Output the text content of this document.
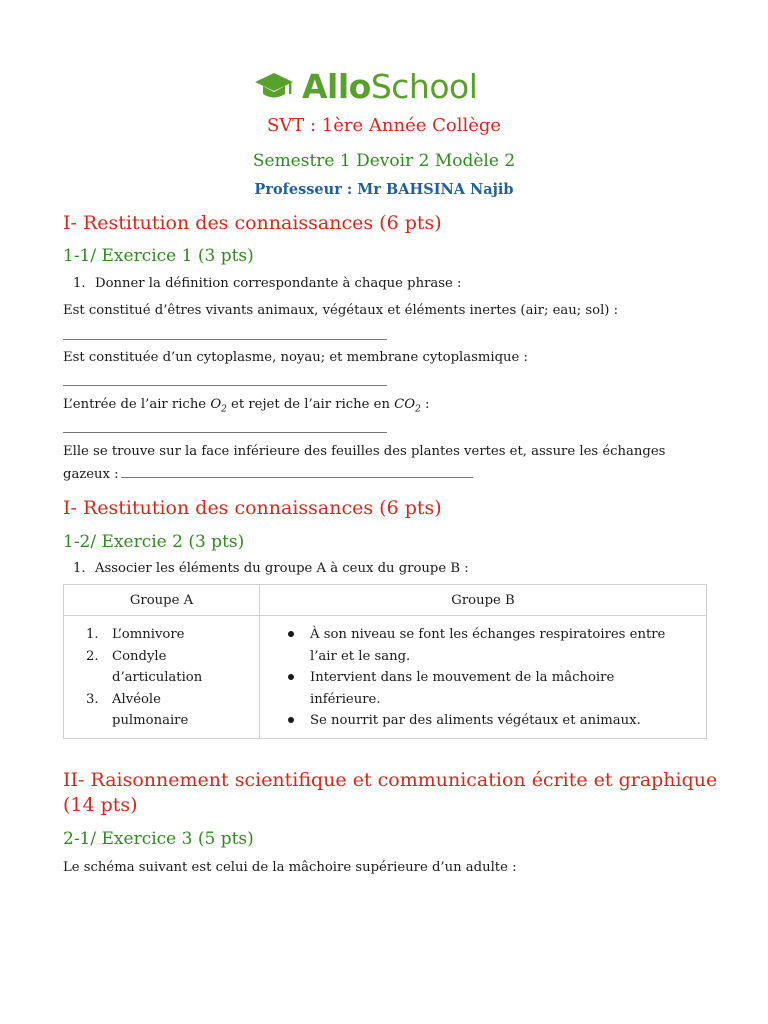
AlloSchool
SVT : 1ère Année Collège
Semestre 1 Devoir 2 Modèle 2
Professeur : Mr BAHSINA Najib
I- Restitution des connaissances (6 pts)
1-1/ Exercice 1 (3 pts)
1. Donner la définition correspondante à chaque phrase :
Est constitué d’êtres vivants animaux, végétaux et éléments inertes (air; eau; sol) :
Est constituée d’un cytoplasme, noyau; et membrane cytoplasmique :
L’entrée de l’air riche $O_2$ et rejet de l’air riche en $CO_2$ :
Elle se trouve sur la face inférieure des feuilles des plantes vertes et, assure les échanges
gazeux :
I- Restitution des connaissances (6 pts)
1-2/ Exercie 2 (3 pts)
1. Associer les éléments du groupe A à ceux du groupe B :
Groupe A	Groupe B
1. L’omnivore
2. Condyle
d’articulation
3. Alvéole
pulmonaire
À son niveau se font les échanges respiratoires entre
l’air et le sang.
Intervient dans le mouvement de la mâchoire
inférieure.
Se nourrit par des aliments végétaux et animaux.
II- Raisonnement scientifique et communication écrite et graphique
(14 pts)
2-1/ Exercice 3 (5 pts)
Le schéma suivant est celui de la mâchoire supérieure d’un adulte :
